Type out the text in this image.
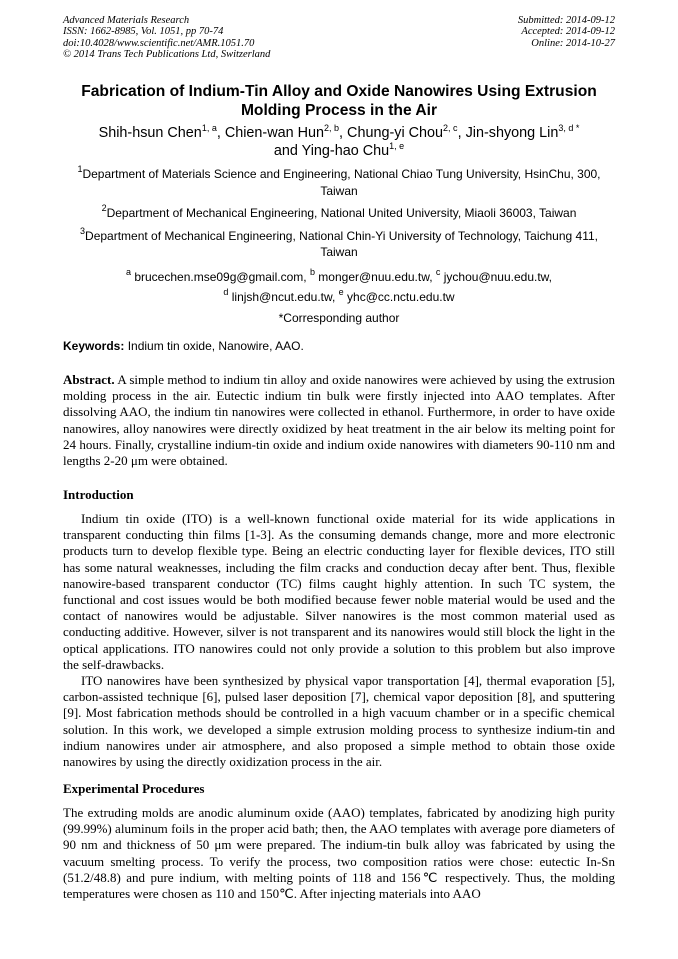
Advanced Materials Research
ISSN: 1662-8985, Vol. 1051, pp 70-74
doi:10.4028/www.scientific.net/AMR.1051.70
© 2014 Trans Tech Publications Ltd, Switzerland
Submitted: 2014-09-12
Accepted: 2014-09-12
Online: 2014-10-27
Fabrication of Indium-Tin Alloy and Oxide Nanowires Using Extrusion Molding Process in the Air
Shih-hsun Chen$^{1, a}$, Chien-wan Hun$^{2, b}$, Chung-yi Chou$^{2, c}$, Jin-shyong Lin$^{3, d *}$
and Ying-hao Chu$^{1, e}$
$^1$Department of Materials Science and Engineering, National Chiao Tung University, HsinChu, 300, Taiwan
$^2$Department of Mechanical Engineering, National United University, Miaoli 36003, Taiwan
$^3$Department of Mechanical Engineering, National Chin-Yi University of Technology, Taichung 411, Taiwan
$^a$ brucechen.mse09g@gmail.com, $^b$ monger@nuu.edu.tw, $^c$ jychou@nuu.edu.tw,
$^d$ linjsh@ncut.edu.tw, $^e$ yhc@cc.nctu.edu.tw
*Corresponding author
Keywords: Indium tin oxide, Nanowire, AAO.
Abstract. A simple method to indium tin alloy and oxide nanowires were achieved by using the extrusion molding process in the air. Eutectic indium tin bulk were firstly injected into AAO templates. After dissolving AAO, the indium tin nanowires were collected in ethanol. Furthermore, in order to have oxide nanowires, alloy nanowires were directly oxidized by heat treatment in the air below its melting point for 24 hours. Finally, crystalline indium-tin oxide and indium oxide nanowires with diameters 90-110 nm and lengths 2-20 μm were obtained.
Introduction

Indium tin oxide (ITO) is a well-known functional oxide material for its wide applications in transparent conducting thin films [1-3]. As the consuming demands change, more and more electronic products turn to develop flexible type. Being an electric conducting layer for flexible devices, ITO still has some natural weaknesses, including the film cracks and conduction decay after bent. Thus, flexible nanowire-based transparent conductor (TC) films caught highly attention. In such TC system, the functional and cost issues would be both modified because fewer noble material would be used and the contact of nanowires would be adjustable. Silver nanowires is the most common material used as conducting additive. However, silver is not transparent and its nanowires would still block the light in the optical applications. ITO nanowires could not only provide a solution to this problem but also improve the self-drawbacks.

ITO nanowires have been synthesized by physical vapor transportation [4], thermal evaporation [5], carbon-assisted technique [6], pulsed laser deposition [7], chemical vapor deposition [8], and sputtering [9]. Most fabrication methods should be controlled in a high vacuum chamber or in a specific chemical solution. In this work, we developed a simple extrusion molding process to synthesize indium-tin and indium nanowires under air atmosphere, and also proposed a simple method to obtain those oxide nanowires by using the directly oxidization process in the air.

Experimental Procedures

The extruding molds are anodic aluminum oxide (AAO) templates, fabricated by anodizing high purity (99.99%) aluminum foils in the proper acid bath; then, the AAO templates with average pore diameters of 90 nm and thickness of 50 μm were prepared. The indium-tin bulk alloy was fabricated by using the vacuum smelting process. To verify the process, two composition ratios were chose: eutectic In-Sn (51.2/48.8) and pure indium, with melting points of 118 and 156℃ respectively. Thus, the molding temperatures were chosen as 110 and 150℃. After injecting materials into AAO
